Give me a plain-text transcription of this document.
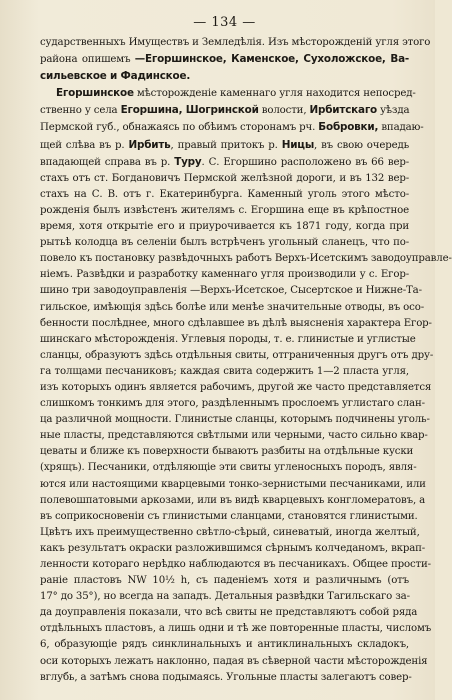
— 134 —
сударственныхъ Имуществъ и Земледѣлія. Изъ мѣсторожденій угля этого
района опишемъ —Егоршинское, Каменское, Сухоложское, Ва-
сильевское и Фадинское.
Егоршинское мѣсторожденіе каменнаго угля находится непосред-
ственно у села Егоршина, Шогринской волости, Ирбитскаго уѣзда
Пермской губ., обнажаясь по обѣимъ сторонамъ рч. Бобровки, впадаю-
щей слѣва въ р. Ирбить, правый притокъ р. Ницы, въ свою очередь
впадающей справа въ р. Туру. С. Егоршино расположено въ 66 вер-
стахъ отъ ст. Богдановичъ Пермской желѣзной дороги, и въ 132 вер-
стахъ на С. В. отъ г. Екатеринбурга. Каменный уголь этого мѣсто-
рожденія былъ извѣстенъ жителямъ с. Егоршина еще въ крѣпостное
время, хотя открытіе его и приурочивается къ 1871 году, когда при
рытьѣ колодца въ селеніи былъ встрѣченъ угольный сланецъ, что по-
повело къ постановку развѣдочныхъ работъ Верхъ-Исетскимъ заводоуправле-
ніемъ. Развѣдки и разработку каменнаго угля производили у с. Егор-
шино три заводоуправленія —Верхъ-Исетское, Сысертское и Нижне-Та-
гильское, имѣющія здѣсь болѣе или менѣе значительные отводы, въ осо-
бенности послѣднее, много сдѣлавшее въ дѣлѣ выясненія характера Егор-
шинскаго мѣсторожденія. Углевыя породы, т. е. глинистые и углистые
сланцы, образуютъ здѣсь отдѣльныя свиты, отграниченныя другъ отъ дру-
га толщами песчаниковъ; каждая свита содержитъ 1—2 пласта угля,
изъ которыхъ одинъ является рабочимъ, другой же часто представляется
слишкомъ тонкимъ для этого, раздѣленнымъ прослоемъ углистаго слан-
ца различной мощности. Глинистые сланцы, которымъ подчинены уголь-
ные пласты, представляются свѣтлыми или черными, часто сильно квар-
цеваты и ближе къ поверхности бываютъ разбиты на отдѣльные куски
(хрящъ). Песчаники, отдѣляющіе эти свиты угленосныхъ породъ, явля-
ются или настоящими кварцевыми тонко-зернистыми песчаниками, или
полевошпатовыми аркозами, или въ видѣ кварцевыхъ конгломератовъ, а
въ соприкосновеніи съ глинистыми сланцами, становятся глинистыми.
Цвѣтъ ихъ преимущественно свѣтло-сѣрый, синеватый, иногда желтый,
какъ результатъ окраски разложившимся сѣрнымъ колчеданомъ, вкрап-
ленности котораго нерѣдко наблюдаются въ песчаникахъ. Общее прости-
раніе пластовъ NW 10½ h, съ паденіемъ хотя и различнымъ (отъ
17° до 35°), но всегда на западъ. Детальныя развѣдки Тагильскаго за-
да доуправленія показали, что всѣ свиты не представляютъ собой ряда
отдѣльныхъ пластовъ, а лишь одни и тѣ же повторенные пласты, числомъ
6, образующіе рядъ синклинальныхъ и антиклинальныхъ складокъ,
оси которыхъ лежатъ наклонно, падая въ сѣверной части мѣсторожденія
вглубь, а затѣмъ снова подымаясь. Угольные пласты залегаютъ совер-
